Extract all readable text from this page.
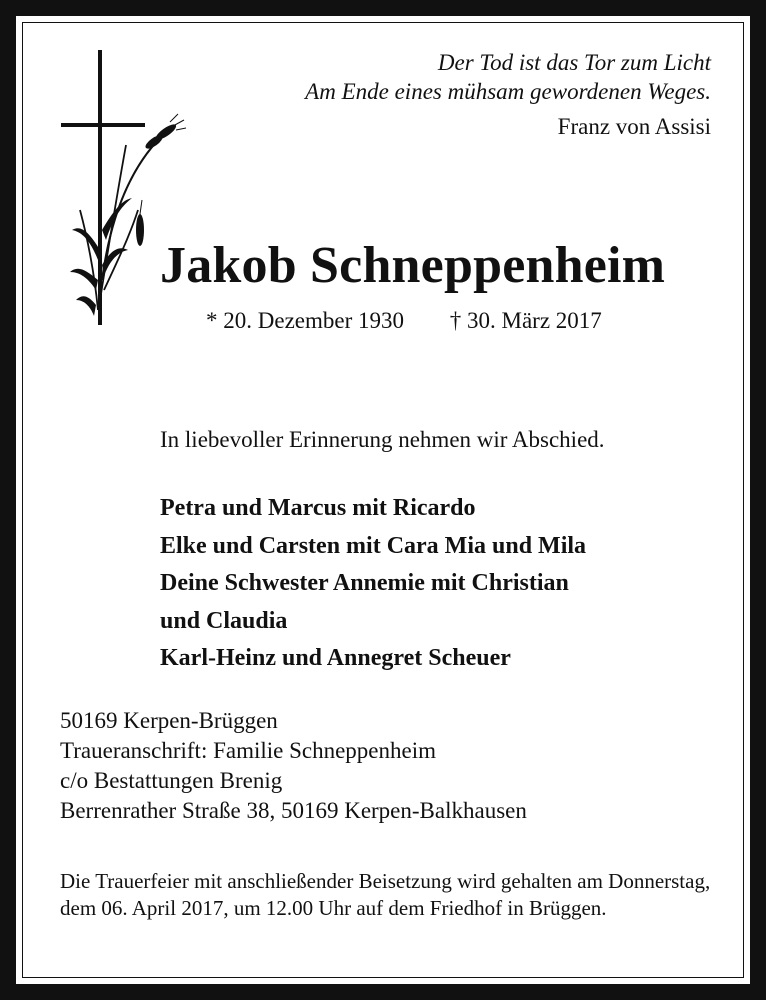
Der Tod ist das Tor zum Licht
Am Ende eines mühsam gewordenen Weges.
Franz von Assisi
Jakob Schneppenheim
* 20. Dezember 1930 † 30. März 2017
In liebevoller Erinnerung nehmen wir Abschied.
Petra und Marcus mit Ricardo
Elke und Carsten mit Cara Mia und Mila
Deine Schwester Annemie mit Christian
und Claudia
Karl-Heinz und Annegret Scheuer
50169 Kerpen-Brüggen
Traueranschrift: Familie Schneppenheim
c/o Bestattungen Brenig
Berrenrather Straße 38, 50169 Kerpen-Balkhausen
Die Trauerfeier mit anschließender Beisetzung wird gehalten am Donnerstag, dem 06. April 2017, um 12.00 Uhr auf dem Friedhof in Brüggen.
